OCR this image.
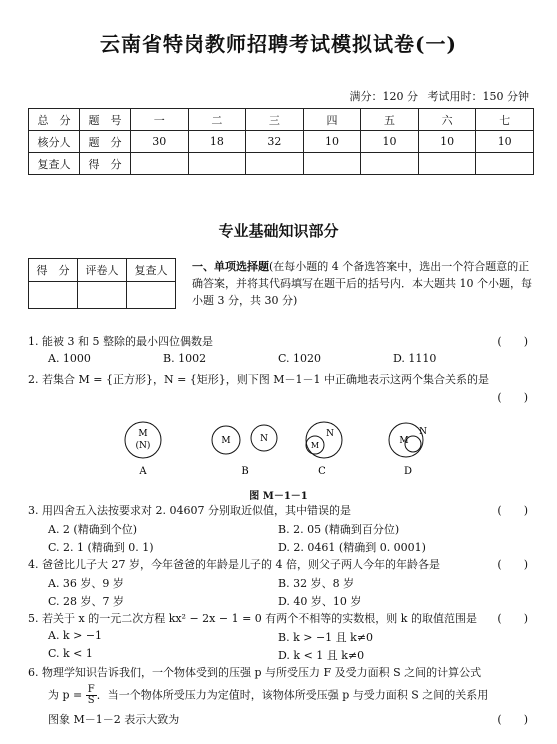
云南省特岗教师招聘考试模拟试卷(一)
满分：120 分 考试用时：150 分钟
总　分	题　号	一	二	三	四	五	六	七
核分人	题　分	30	18	32	10	10	10	10
复查人	得　分							
专业基础知识部分
得　分	评卷人	复查人
		一、单项选择题(在每小题的 4 个备选答案中，选出一个符合题意的正确答案，并将其代码填写在题干后的括号内．本大题共 10 个小题，每小题 3 分，共 30 分)
1. 能被 3 和 5 整除的最小四位偶数是	(　　)
A. 1000	B. 1002	C. 1020	D. 1110
2. 若集合 M = {正方形}，N = {矩形}，则下图 M－1－1 中正确地表示这两个集合关系的是
(　　)
M
(N)
A
M	N
B
M
N
C
M
N
D
图 M－1－1
3. 用四舍五入法按要求对 2. 04607 分别取近似值，其中错误的是	(　　)
A. 2 (精确到个位)	B. 2. 05 (精确到百分位)
C. 2. 1 (精确到 0. 1)	D. 2. 0461 (精确到 0. 0001)
4. 爸爸比儿子大 27 岁，今年爸爸的年龄是儿子的 4 倍，则父子两人今年的年龄各是	(　　)
A. 36 岁、9 岁	B. 32 岁、8 岁
C. 28 岁、7 岁	D. 40 岁、10 岁
5. 若关于 x 的一元二次方程 kx² − 2x − 1 = 0 有两个不相等的实数根，则 k 的取值范围是 (　　)
A. k > −1	B. k > −1 且 k≠0
C. k < 1	D. k < 1 且 k≠0
6. 物理学知识告诉我们，一个物体受到的压强 p 与所受压力 F 及受力面积 S 之间的计算公式
为 $p = \frac{F}{S}$ ．当一个物体所受压力为定值时，该物体所受压强 p 与受力面积 S 之间的关系用
图象 M－1－2 表示大致为	(　　)
